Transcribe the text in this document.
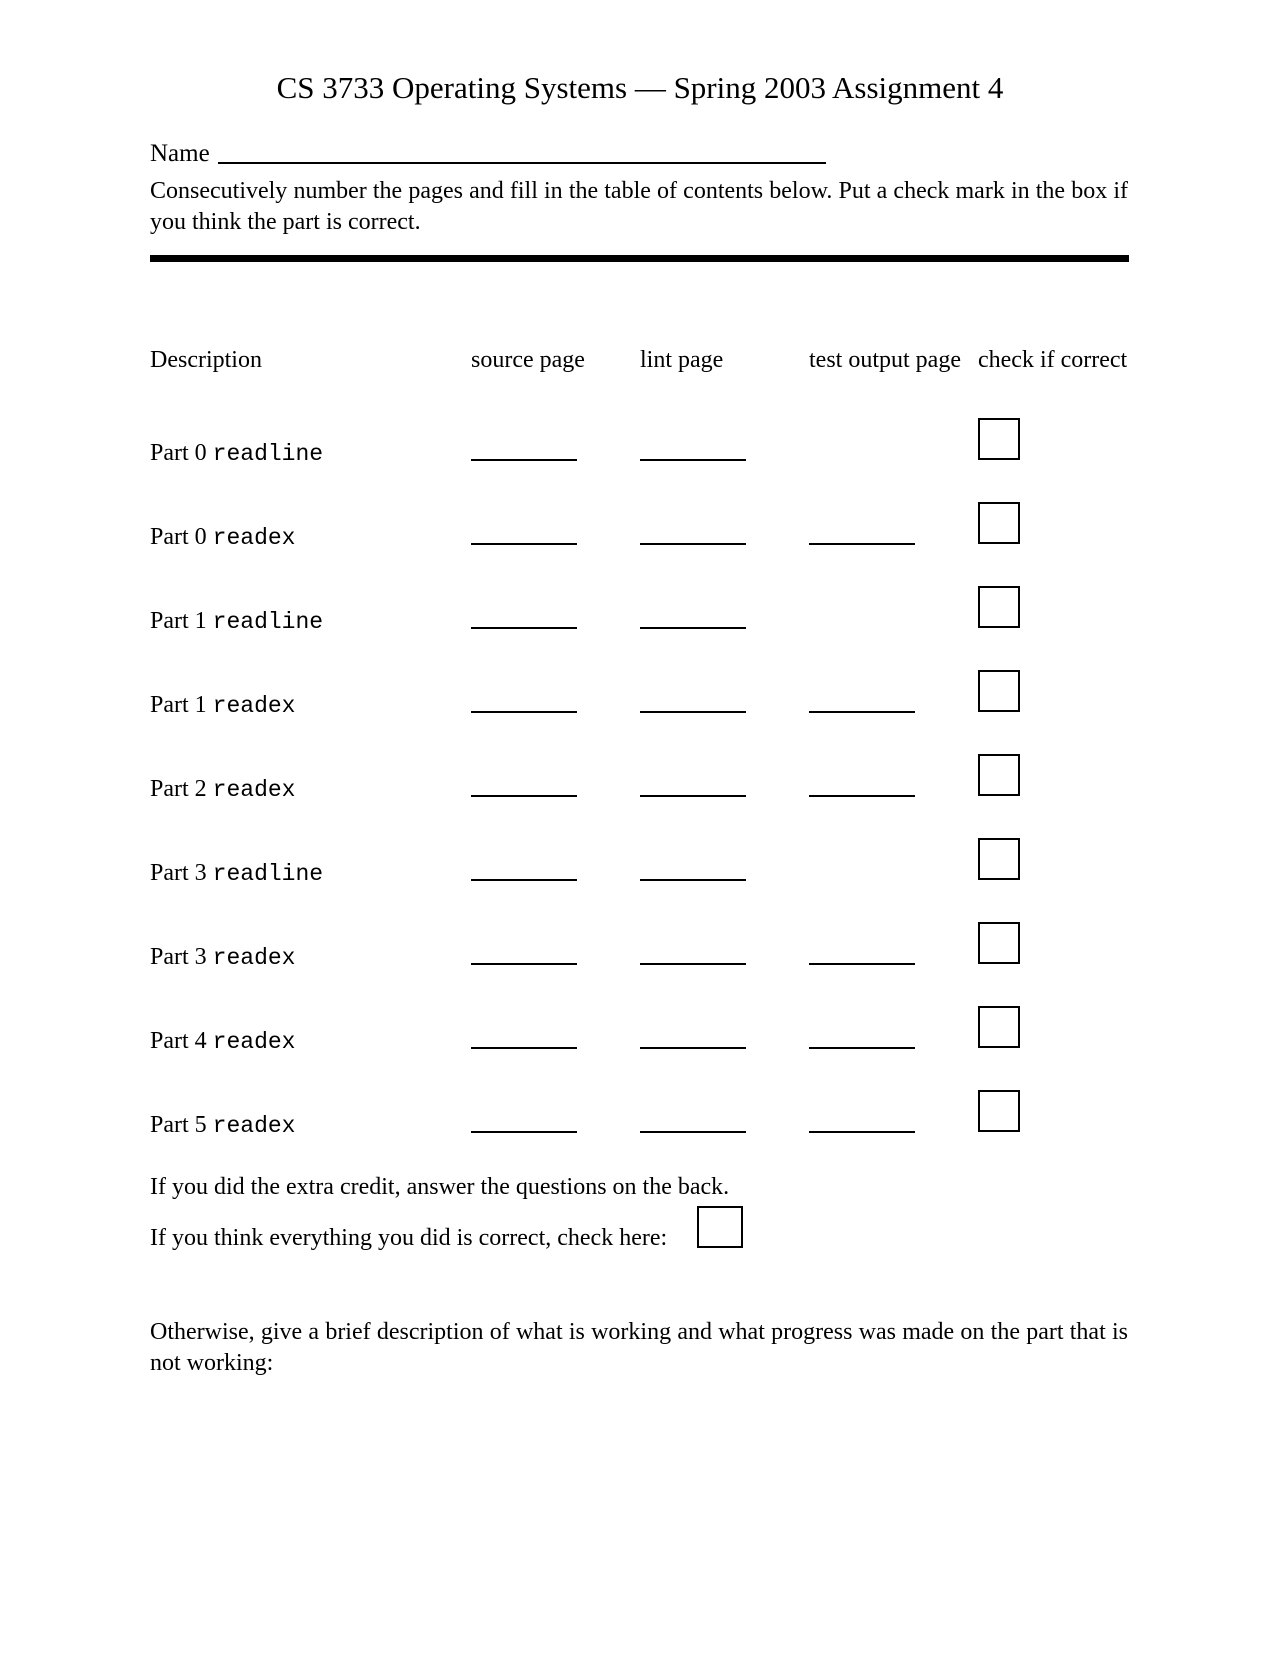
CS 3733 Operating Systems — Spring 2003 Assignment 4
Name
Consecutively number the pages and fill in the table of contents below. Put a check mark in the box if you think the part is correct.
Description	source page lint page	test output page check if correct
Part 0 readline
Part 0 readex
Part 1 readline
Part 1 readex
Part 2 readex
Part 3 readline
Part 3 readex
Part 4 readex
Part 5 readex
If you did the extra credit, answer the questions on the back.
If you think everything you did is correct, check here:
Otherwise, give a brief description of what is working and what progress was made on the part that is not working:
